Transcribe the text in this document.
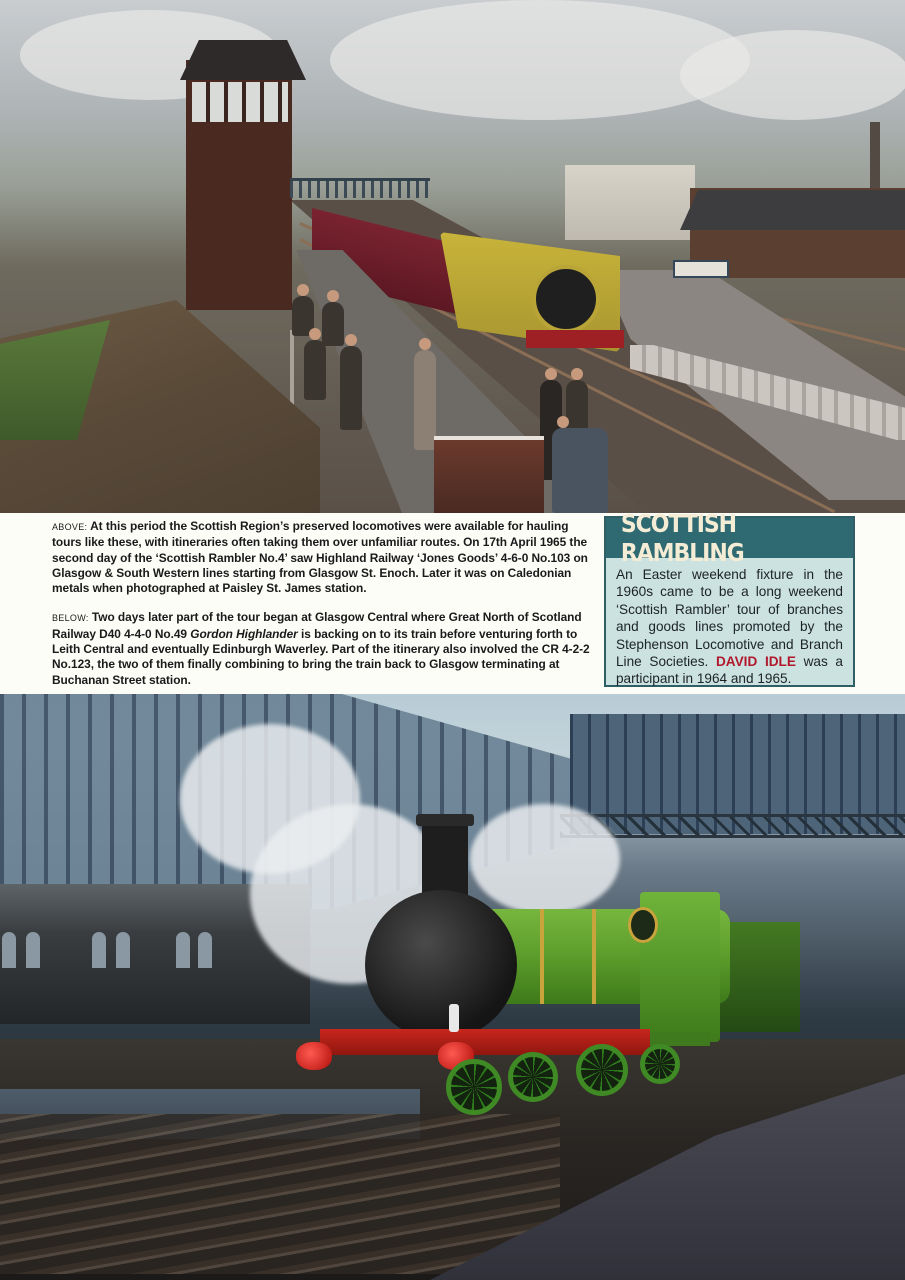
ABOVE: At this period the Scottish Region’s preserved locomotives were available for hauling tours like these, with itineraries often taking them over unfamiliar routes. On 17th April 1965 the second day of the ‘Scottish Rambler No.4’ saw Highland Railway ‘Jones Goods’ 4-6-0 No.103 on Glasgow & South Western lines starting from Glasgow St. Enoch. Later it was on Caledonian metals when photographed at Paisley St. James station.

BELOW: Two days later part of the tour began at Glasgow Central where Great North of Scotland Railway D40 4-4-0 No.49 Gordon Highlander is backing on to its train before venturing forth to Leith Central and eventually Edinburgh Waverley. Part of the itinerary also involved the CR 4-2-2 No.123, the two of them finally combining to bring the train back to Glasgow terminating at Buchanan Street station.

SCOTTISH RAMBLING

An Easter weekend fixture in the 1960s came to be a long weekend ‘Scottish Rambler’ tour of branches and goods lines promoted by the Stephenson Locomotive and Branch Line Societies. DAVID IDLE was a participant in 1964 and 1965.
